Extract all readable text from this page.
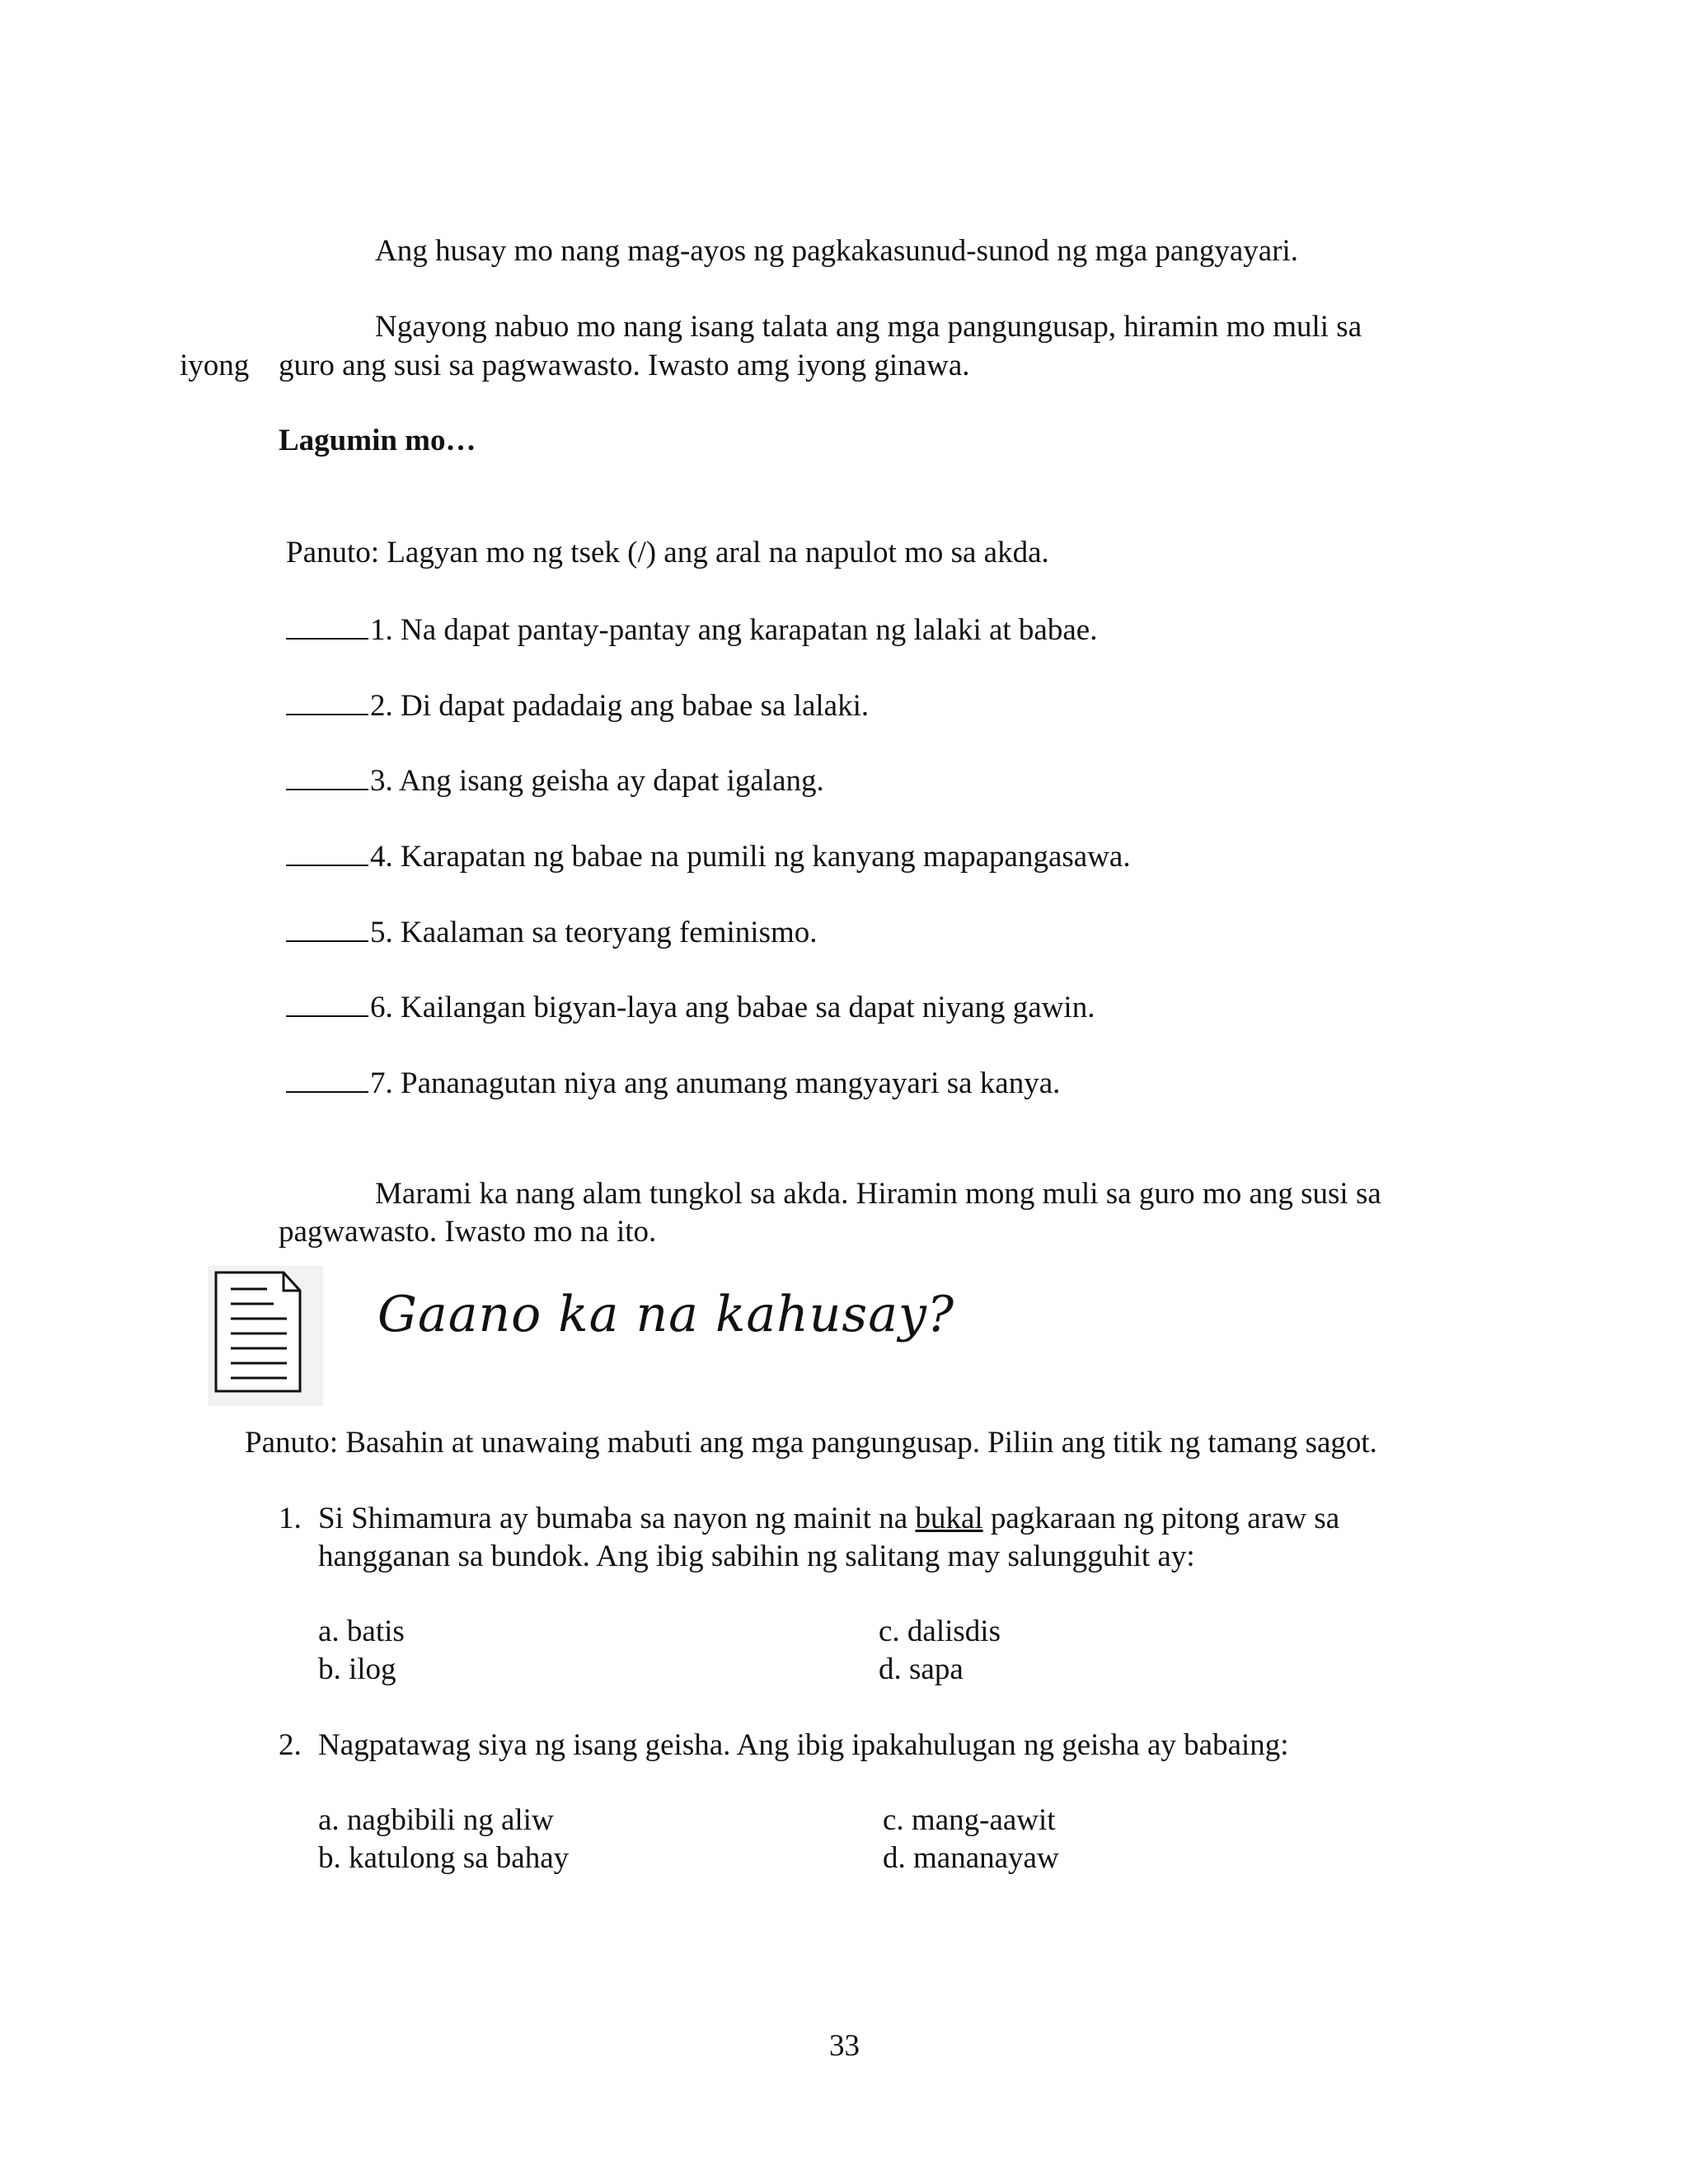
Ang husay mo nang mag-ayos ng pagkakasunud-sunod ng mga pangyayari.
Ngayong nabuo mo nang isang talata ang mga pangungusap, hiramin mo muli sa
iyong guro ang susi sa pagwawasto. Iwasto amg iyong ginawa.
Lagumin mo…
Panuto: Lagyan mo ng tsek (/) ang aral na napulot mo sa akda.
1. Na dapat pantay-pantay ang karapatan ng lalaki at babae.
2. Di dapat padadaig ang babae sa lalaki.
3. Ang isang geisha ay dapat igalang.
4. Karapatan ng babae na pumili ng kanyang mapapangasawa.
5. Kaalaman sa teoryang feminismo.
6. Kailangan bigyan-laya ang babae sa dapat niyang gawin.
7. Pananagutan niya ang anumang mangyayari sa kanya.
Marami ka nang alam tungkol sa akda. Hiramin mong muli sa guro mo ang susi sa
pagwawasto. Iwasto mo na ito.
Gaano ka na kahusay?
Panuto: Basahin at unawaing mabuti ang mga pangungusap. Piliin ang titik ng tamang sagot.
1. Si Shimamura ay bumaba sa nayon ng mainit na bukal pagkaraan ng pitong araw sa
hangganan sa bundok. Ang ibig sabihin ng salitang may salungguhit ay:
a. batis
b. ilog
c. dalisdis
d. sapa
2. Nagpatawag siya ng isang geisha. Ang ibig ipakahulugan ng geisha ay babaing:
a. nagbibili ng aliw
b. katulong sa bahay
c. mang-aawit
d. mananayaw
33
